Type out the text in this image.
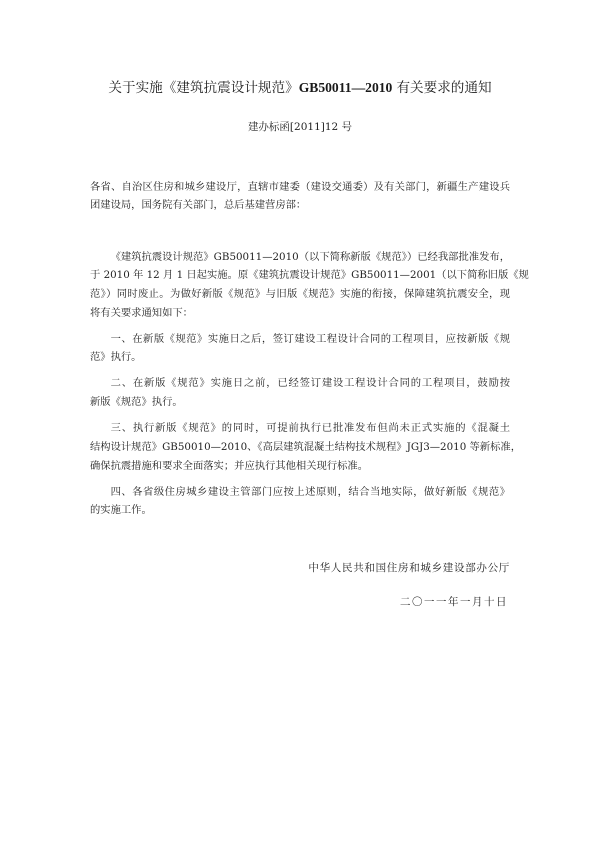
关于实施《建筑抗震设计规范》GB50011—2010 有关要求的通知
建办标函[2011]12 号

各省、自治区住房和城乡建设厅，直辖市建委（建设交通委）及有关部门，新疆生产建设兵
团建设局，国务院有关部门，总后基建营房部：

《建筑抗震设计规范》GB50011—2010（以下简称新版《规范》）已经我部批准发布，
于 2010 年 12 月 1 日起实施。原《建筑抗震设计规范》GB50011—2001（以下简称旧版《规
范》）同时废止。为做好新版《规范》与旧版《规范》实施的衔接，保障建筑抗震安全，现
将有关要求通知如下：

一、在新版《规范》实施日之后，签订建设工程设计合同的工程项目，应按新版《规
范》执行。

二、在新版《规范》实施日之前，已经签订建设工程设计合同的工程项目，鼓励按
新版《规范》执行。

三、执行新版《规范》的同时，可提前执行已批准发布但尚未正式实施的《混凝土
结构设计规范》GB50010—2010、《高层建筑混凝土结构技术规程》JGJ3—2010 等新标准，
确保抗震措施和要求全面落实；并应执行其他相关现行标准。

四、各省级住房城乡建设主管部门应按上述原则，结合当地实际，做好新版《规范》
的实施工作。

中华人民共和国住房和城乡建设部办公厅
二〇一一年一月十日
